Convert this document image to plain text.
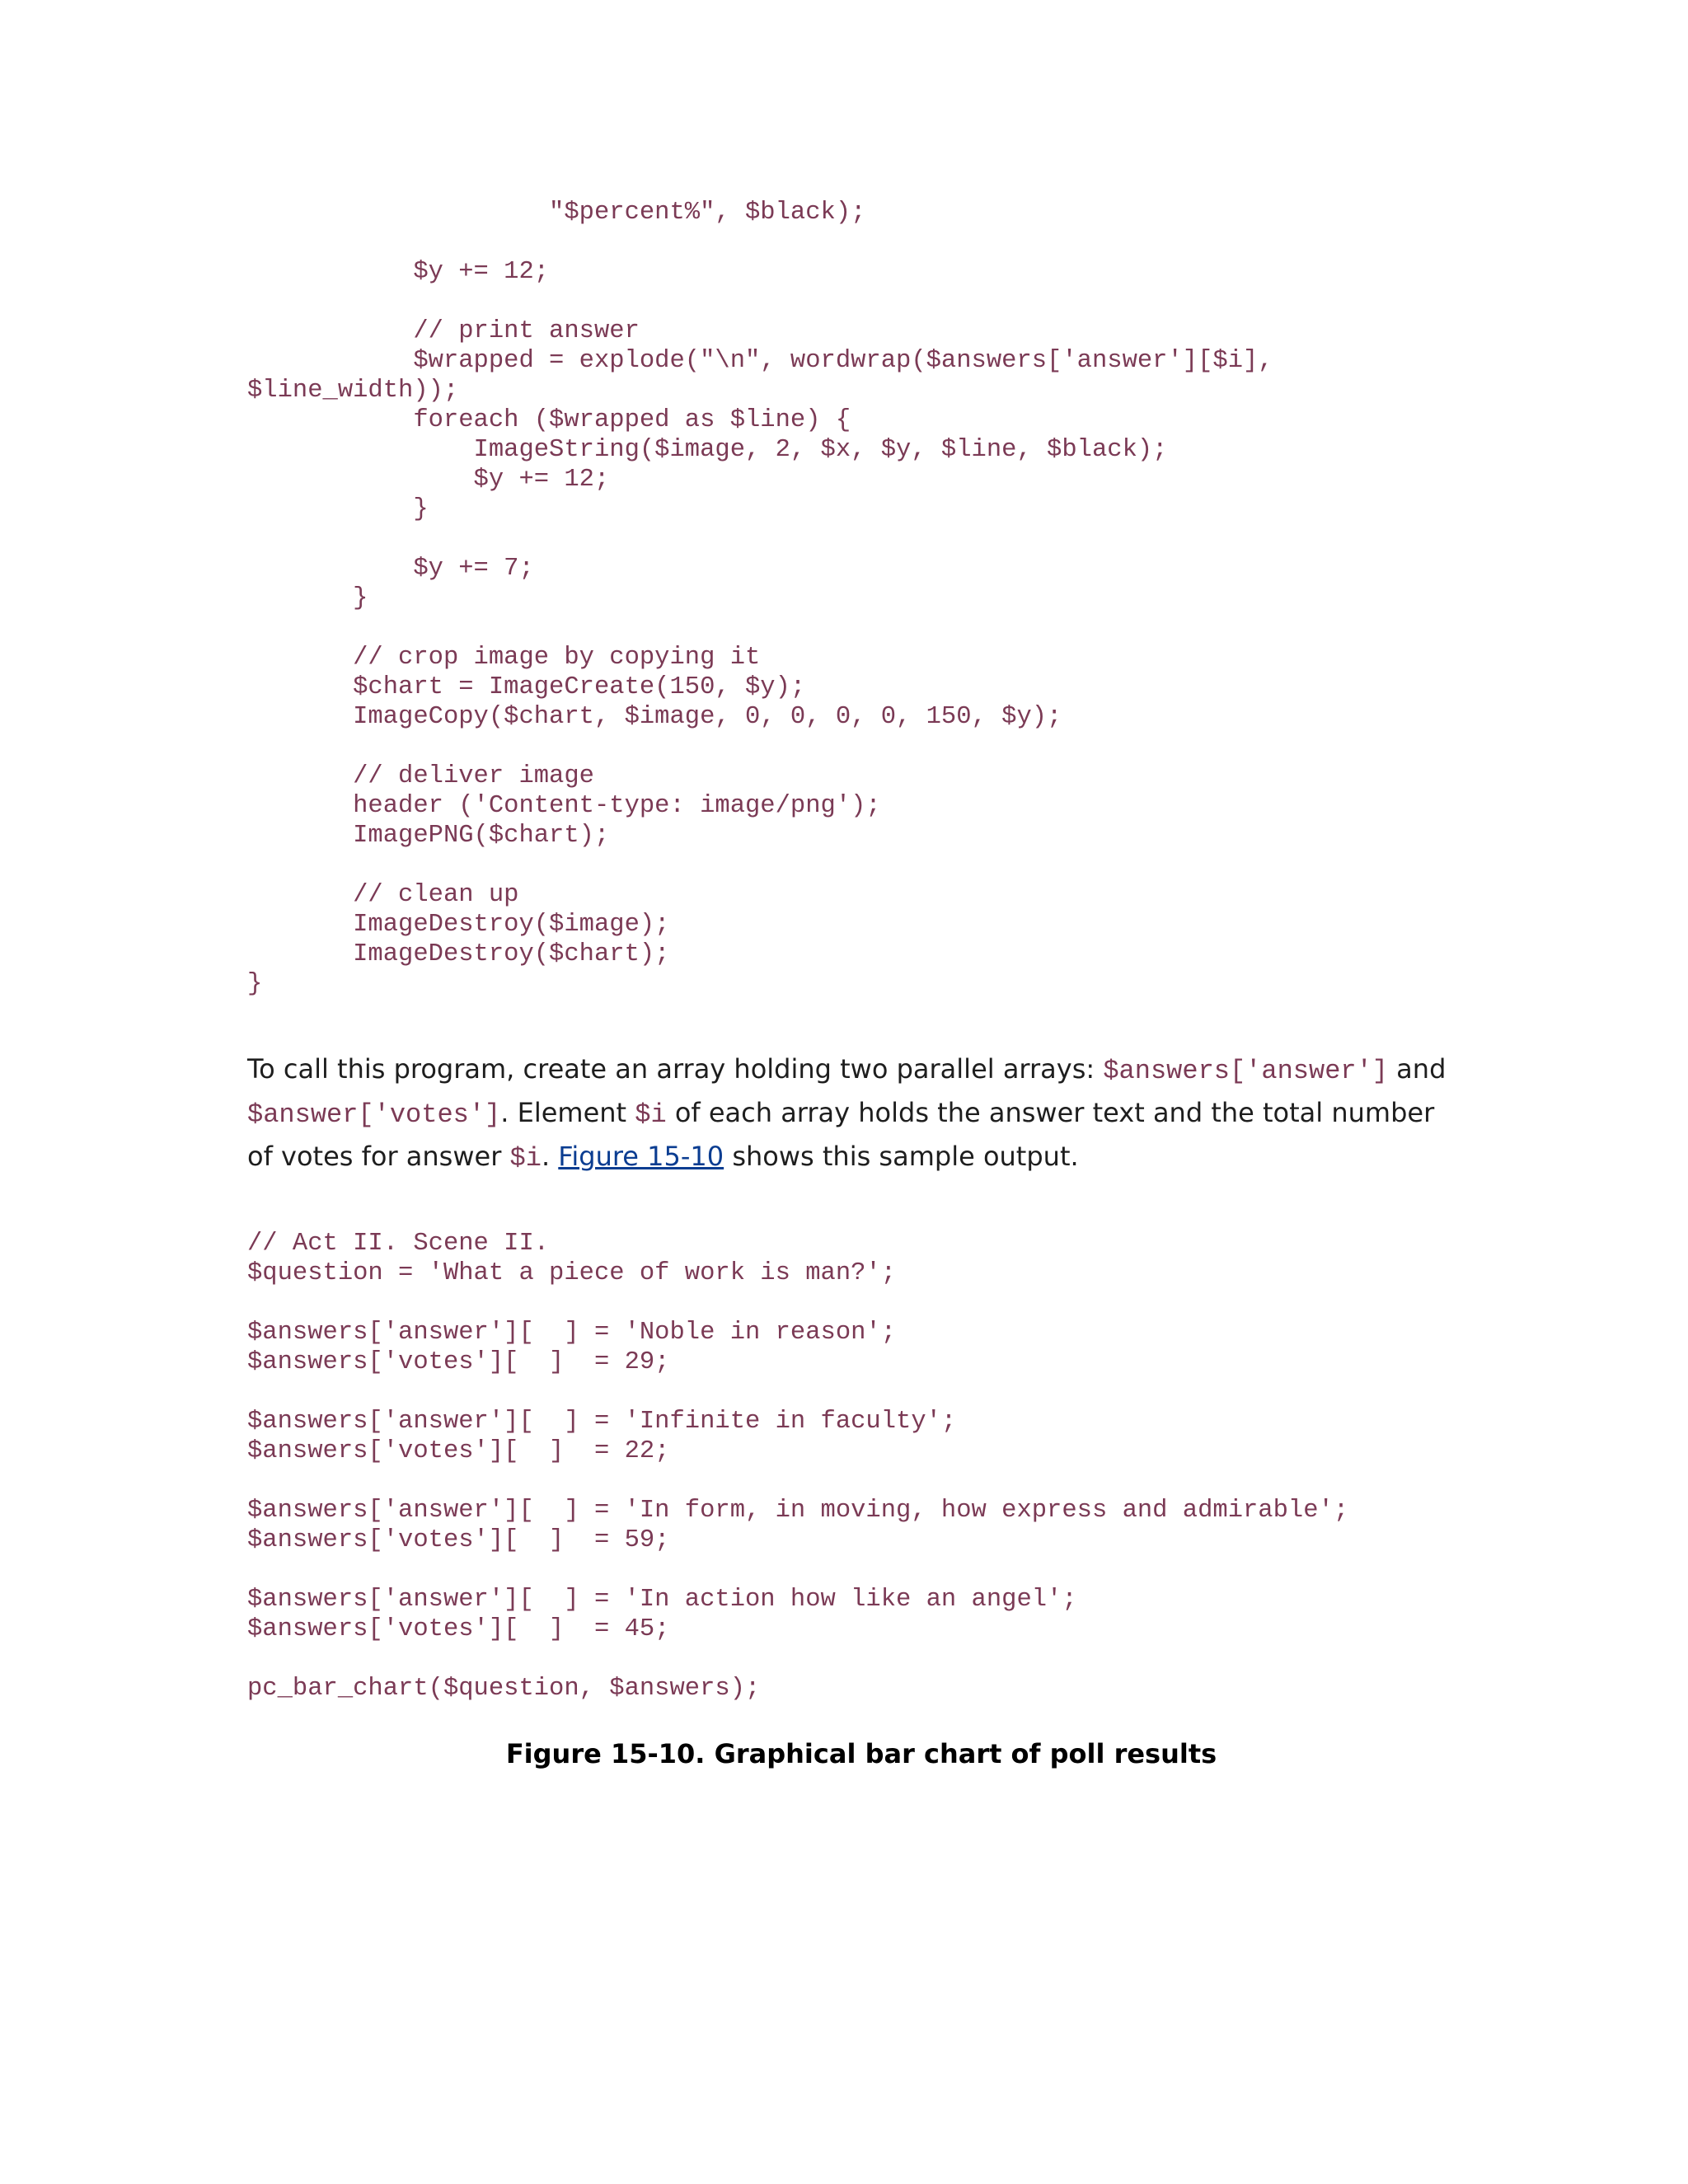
"$percent%", $black);
$y += 12;
// print answer
$wrapped = explode("\n", wordwrap($answers['answer'][$i],
$line_width));
foreach ($wrapped as $line) {
ImageString($image, 2, $x, $y, $line, $black);
$y += 12;
}
$y += 7;
}
// crop image by copying it
$chart = ImageCreate(150, $y);
ImageCopy($chart, $image, 0, 0, 0, 0, 150, $y);
// deliver image
header ('Content-type: image/png');
ImagePNG($chart);
// clean up
ImageDestroy($image);
ImageDestroy($chart);
}

To call this program, create an array holding two parallel arrays: $answers['answer'] and $answer['votes']. Element $i of each array holds the answer text and the total number of votes for answer $i. Figure 15-10 shows this sample output.

// Act II. Scene II.
$question = 'What a piece of work is man?';
$answers['answer'][  ] = 'Noble in reason';
$answers['votes'][  ]  = 29;
$answers['answer'][  ] = 'Infinite in faculty';
$answers['votes'][  ]  = 22;
$answers['answer'][  ] = 'In form, in moving, how express and admirable';
$answers['votes'][  ]  = 59;
$answers['answer'][  ] = 'In action how like an angel';
$answers['votes'][  ]  = 45;
pc_bar_chart($question, $answers);

Figure 15-10. Graphical bar chart of poll results
